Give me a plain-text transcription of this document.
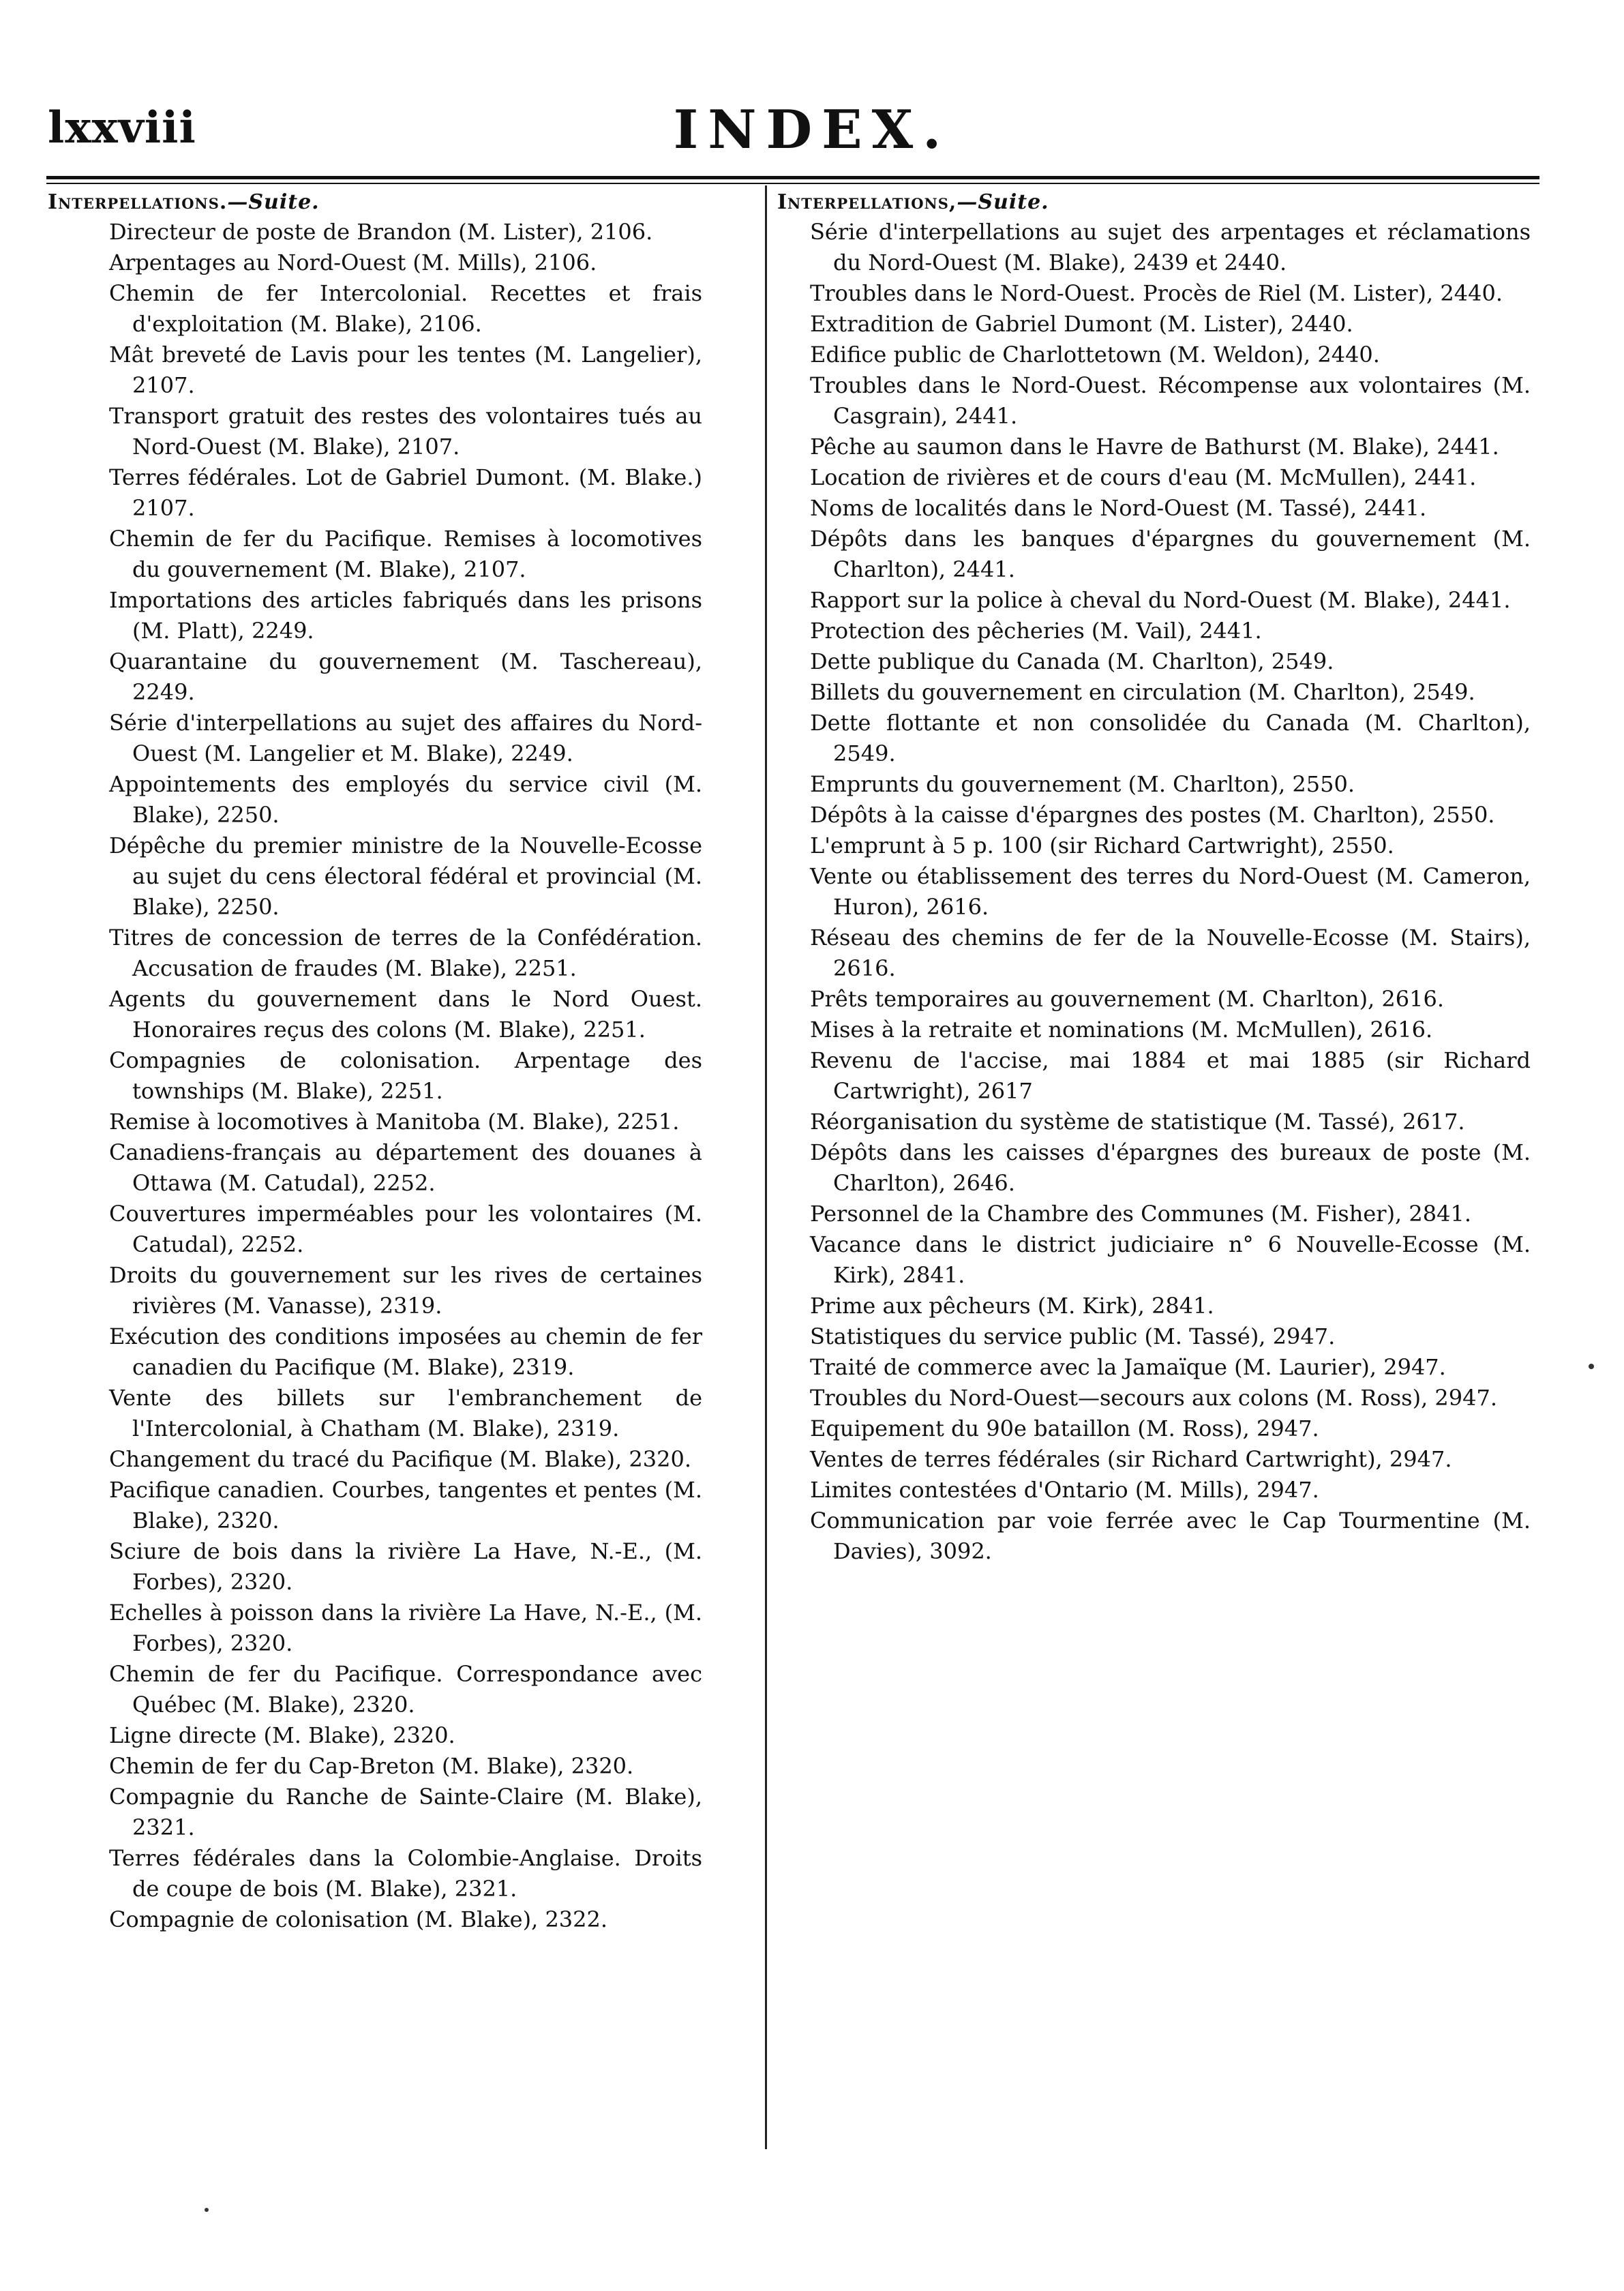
lxxviii	INDEX.
Interpellations.—Suite.
Directeur de poste de Brandon (M. Lister), 2106.
Arpentages au Nord-Ouest (M. Mills), 2106.
Chemin de fer Intercolonial. Recettes et frais d'exploitation (M. Blake), 2106.
Mât breveté de Lavis pour les tentes (M. Langelier), 2107.
Transport gratuit des restes des volontaires tués au Nord-Ouest (M. Blake), 2107.
Terres fédérales. Lot de Gabriel Dumont. (M. Blake.) 2107.
Chemin de fer du Pacifique. Remises à locomotives du gouvernement (M. Blake), 2107.
Importations des articles fabriqués dans les prisons (M. Platt), 2249.
Quarantaine du gouvernement (M. Taschereau), 2249.
Série d'interpellations au sujet des affaires du Nord-Ouest (M. Langelier et M. Blake), 2249.
Appointements des employés du service civil (M. Blake), 2250.
Dépêche du premier ministre de la Nouvelle-Ecosse au sujet du cens électoral fédéral et provincial (M. Blake), 2250.
Titres de concession de terres de la Confédération. Accusation de fraudes (M. Blake), 2251.
Agents du gouvernement dans le Nord Ouest. Honoraires reçus des colons (M. Blake), 2251.
Compagnies de colonisation. Arpentage des townships (M. Blake), 2251.
Remise à locomotives à Manitoba (M. Blake), 2251.
Canadiens-français au département des douanes à Ottawa (M. Catudal), 2252.
Couvertures imperméables pour les volontaires (M. Catudal), 2252.
Droits du gouvernement sur les rives de certaines rivières (M. Vanasse), 2319.
Exécution des conditions imposées au chemin de fer canadien du Pacifique (M. Blake), 2319.
Vente des billets sur l'embranchement de l'Intercolonial, à Chatham (M. Blake), 2319.
Changement du tracé du Pacifique (M. Blake), 2320.
Pacifique canadien. Courbes, tangentes et pentes (M. Blake), 2320.
Sciure de bois dans la rivière La Have, N.-E., (M. Forbes), 2320.
Echelles à poisson dans la rivière La Have, N.-E., (M. Forbes), 2320.
Chemin de fer du Pacifique. Correspondance avec Québec (M. Blake), 2320.
Ligne directe (M. Blake), 2320.
Chemin de fer du Cap-Breton (M. Blake), 2320.
Compagnie du Ranche de Sainte-Claire (M. Blake), 2321.
Terres fédérales dans la Colombie-Anglaise. Droits de coupe de bois (M. Blake), 2321.
Compagnie de colonisation (M. Blake), 2322.
Interpellations,—Suite.
Série d'interpellations au sujet des arpentages et réclamations du Nord-Ouest (M. Blake), 2439 et 2440.
Troubles dans le Nord-Ouest. Procès de Riel (M. Lister), 2440.
Extradition de Gabriel Dumont (M. Lister), 2440.
Edifice public de Charlottetown (M. Weldon), 2440.
Troubles dans le Nord-Ouest. Récompense aux volontaires (M. Casgrain), 2441.
Pêche au saumon dans le Havre de Bathurst (M. Blake), 2441.
Location de rivières et de cours d'eau (M. McMullen), 2441.
Noms de localités dans le Nord-Ouest (M. Tassé), 2441.
Dépôts dans les banques d'épargnes du gouvernement (M. Charlton), 2441.
Rapport sur la police à cheval du Nord-Ouest (M. Blake), 2441.
Protection des pêcheries (M. Vail), 2441.
Dette publique du Canada (M. Charlton), 2549.
Billets du gouvernement en circulation (M. Charlton), 2549.
Dette flottante et non consolidée du Canada (M. Charlton), 2549.
Emprunts du gouvernement (M. Charlton), 2550.
Dépôts à la caisse d'épargnes des postes (M. Charlton), 2550.
L'emprunt à 5 p. 100 (sir Richard Cartwright), 2550.
Vente ou établissement des terres du Nord-Ouest (M. Cameron, Huron), 2616.
Réseau des chemins de fer de la Nouvelle-Ecosse (M. Stairs), 2616.
Prêts temporaires au gouvernement (M. Charlton), 2616.
Mises à la retraite et nominations (M. McMullen), 2616.
Revenu de l'accise, mai 1884 et mai 1885 (sir Richard Cartwright), 2617
Réorganisation du système de statistique (M. Tassé), 2617.
Dépôts dans les caisses d'épargnes des bureaux de poste (M. Charlton), 2646.
Personnel de la Chambre des Communes (M. Fisher), 2841.
Vacance dans le district judiciaire n° 6 Nouvelle-Ecosse (M. Kirk), 2841.
Prime aux pêcheurs (M. Kirk), 2841.
Statistiques du service public (M. Tassé), 2947.
Traité de commerce avec la Jamaïque (M. Laurier), 2947.
Troubles du Nord-Ouest—secours aux colons (M. Ross), 2947.
Equipement du 90e bataillon (M. Ross), 2947.
Ventes de terres fédérales (sir Richard Cartwright), 2947.
Limites contestées d'Ontario (M. Mills), 2947.
Communication par voie ferrée avec le Cap Tourmentine (M. Davies), 3092.
